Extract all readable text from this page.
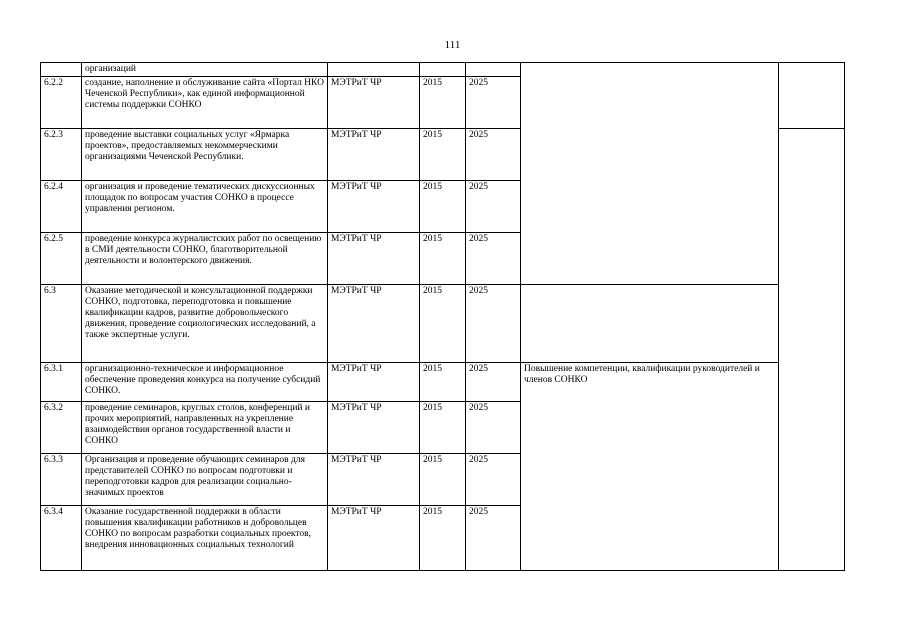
111
	организаций					
6.2.2	создание, наполнение и обслуживание сайта «Портал НКО Чеченской Республики», как единой информационной системы поддержки СОНКО	МЭТРиТ ЧР	2015	2025		
6.2.3	проведение выставки социальных услуг «Ярмарка проектов», предоставляемых некоммерческими организациями Чеченской Республики.	МЭТРиТ ЧР	2015	2025		
6.2.4	организация и проведение тематических дискуссионных площадок по вопросам участия СОНКО в процессе управления регионом.	МЭТРиТ ЧР	2015	2025		
6.2.5	проведение конкурса журналистских работ по освещению в СМИ деятельности СОНКО, благотворительной деятельности и волонтерского движения.	МЭТРиТ ЧР	2015	2025		
6.3	Оказание методической и консультационной поддержки СОНКО, подготовка, переподготовка и повышение квалификации кадров, развитие добровольческого движения, проведение социологических исследований, а также экспертные услуги.	МЭТРиТ ЧР	2015	2025		
6.3.1	организационно-техническое и информационное обеспечение проведения конкурса на получение субсидий СОНКО.	МЭТРиТ ЧР	2015	2025	Повышение компетенции, квалификации руководителей и членов СОНКО	

6.3.2	проведение семинаров, круглых столов, конференций и прочих мероприятий, направленных на укрепление взаимодействия органов государственной власти и СОНКО	МЭТРиТ ЧР	2015	2025		
6.3.3	Организация и проведение обучающих семинаров для представителей СОНКО по вопросам подготовки и переподготовки кадров для реализации социально-значимых проектов	МЭТРиТ ЧР	2015	2025		
6.3.4	Оказание государственной поддержки в области повышения квалификации работников и добровольцев СОНКО по вопросам разработки социальных проектов, внедрения инновационных социальных технологий	МЭТРиТ ЧР	2015	2025		
